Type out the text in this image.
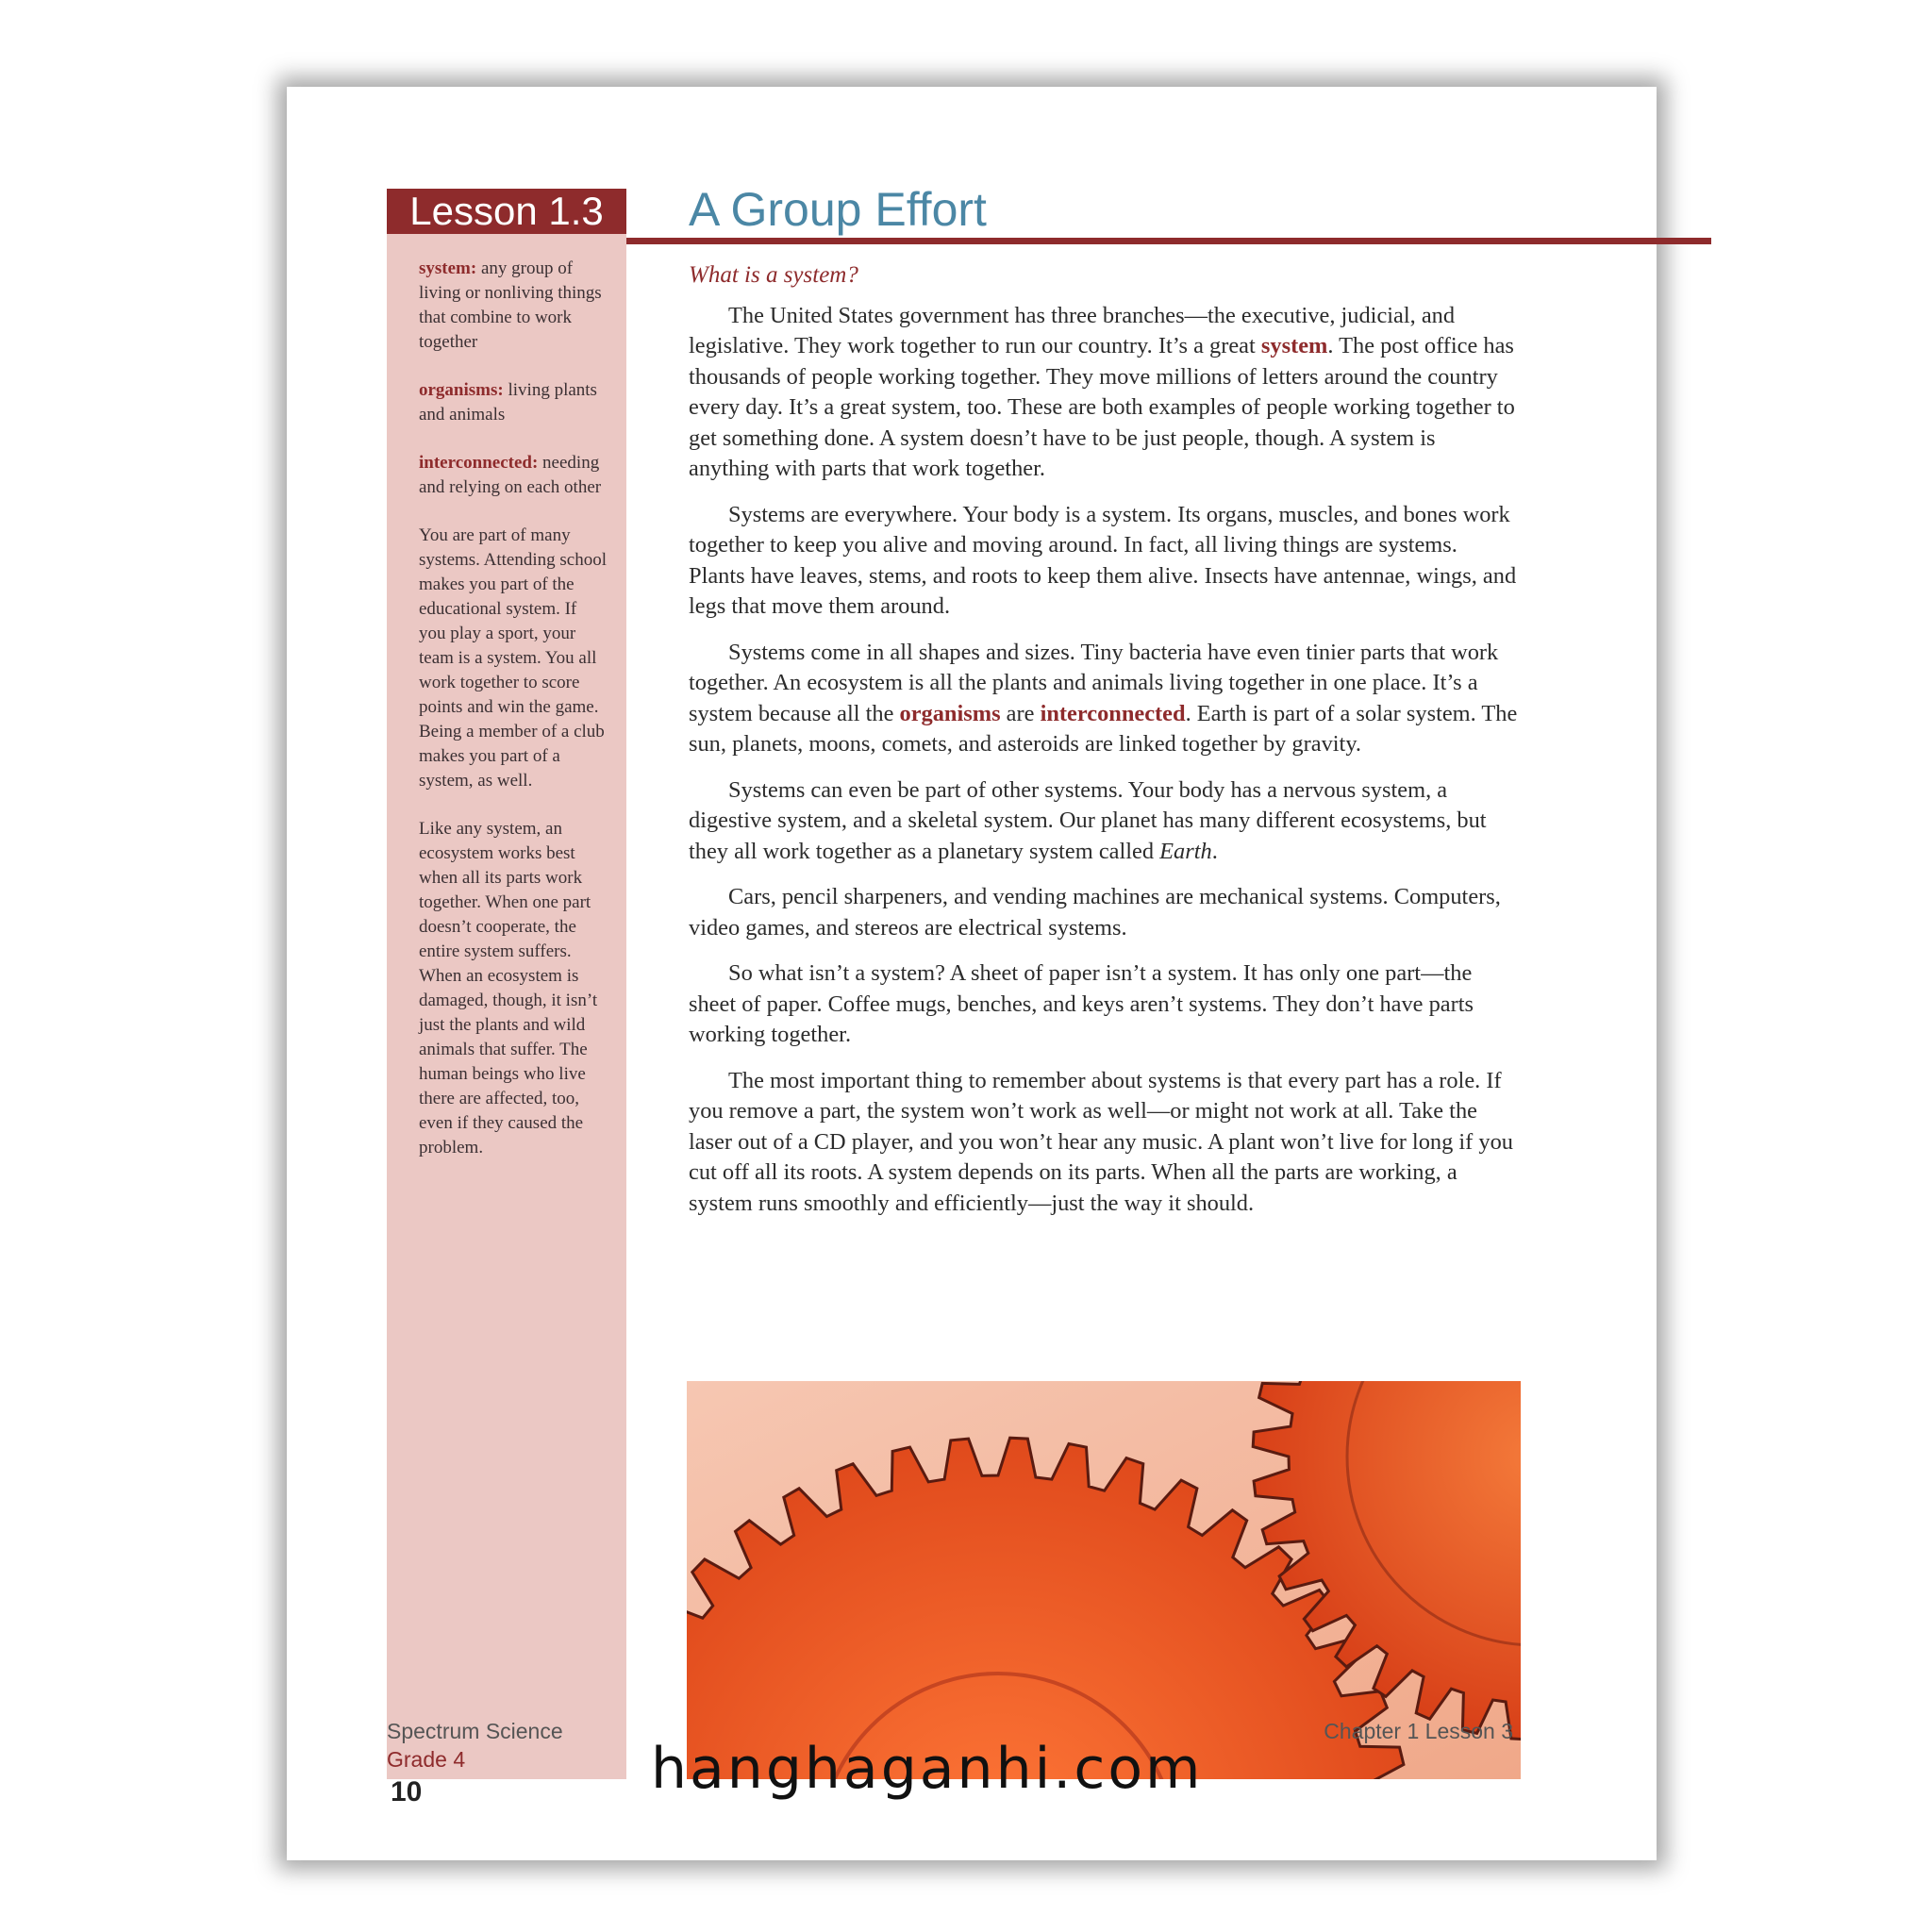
Lesson 1.3	A Group Effort

system: any group of living or nonliving things that combine to work together

organisms: living plants and animals

interconnected: needing and relying on each other

You are part of many systems. Attending school makes you part of the educational system. If you play a sport, your team is a system. You all work together to score points and win the game. Being a member of a club makes you part of a system, as well.

Like any system, an ecosystem works best when all its parts work together. When one part doesn’t cooperate, the entire system suffers. When an ecosystem is damaged, though, it isn’t just the plants and wild animals that suffer. The human beings who live there are affected, too, even if they caused the problem.

What is a system?

The United States government has three branches—the executive, judicial, and legislative. They work together to run our country. It’s a great system. The post office has thousands of people working together. They move millions of letters around the country every day. It’s a great system, too. These are both examples of people working together to get something done. A system doesn’t have to be just people, though. A system is anything with parts that work together.

Systems are everywhere. Your body is a system. Its organs, muscles, and bones work together to keep you alive and moving around. In fact, all living things are systems. Plants have leaves, stems, and roots to keep them alive. Insects have antennae, wings, and legs that move them around.

Systems come in all shapes and sizes. Tiny bacteria have even tinier parts that work together. An ecosystem is all the plants and animals living together in one place. It’s a system because all the organisms are interconnected. Earth is part of a solar system. The sun, planets, moons, comets, and asteroids are linked together by gravity.

Systems can even be part of other systems. Your body has a nervous system, a digestive system, and a skeletal system. Our planet has many different ecosystems, but they all work together as a planetary system called Earth.

Cars, pencil sharpeners, and vending machines are mechanical systems. Computers, video games, and stereos are electrical systems.

So what isn’t a system? A sheet of paper isn’t a system. It has only one part—the sheet of paper. Coffee mugs, benches, and keys aren’t systems. They don’t have parts working together.

The most important thing to remember about systems is that every part has a role. If you remove a part, the system won’t work as well—or might not work at all. Take the laser out of a CD player, and you won’t hear any music. A plant won’t live for long if you cut off all its roots. A system depends on its parts. When all the parts are working, a system runs smoothly and efficiently—just the way it should.

Spectrum Science
Grade 4
10
Chapter 1 Lesson 3
hanghaganhi.com
